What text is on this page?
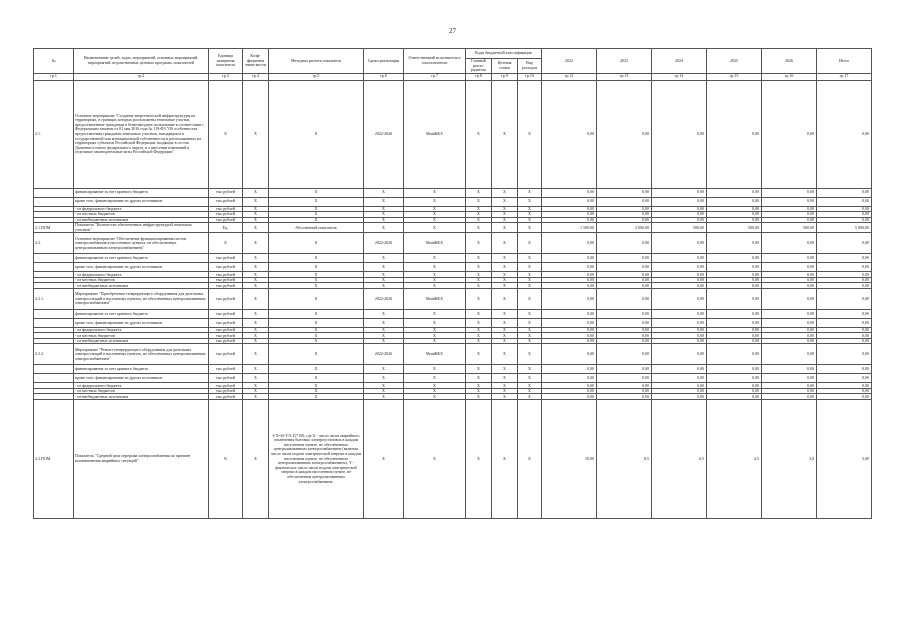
27
№	Наименование целей, задач, мероприятий, основных мероприятий, мероприятий, ведомственных целевых программ, показателей	Единица измерения показателя	Коэф-фициенты значи-мости	Методика расчета показателя	Сроки реализации	Ответственный исполнитель и соисполнители	Коды бюджетной классификации			2022	2023	2024	2025	2026	Итого
							Главный распо-рядитель	Целевая статья	Вид расходов						
гр.1	гр.2	гр.3	гр.4	гр.5	гр.6	гр.7	гр.8	гр.9	гр.10	гр.12	гр.13	гр.14	гр.15	гр.16	гр.17
2.1.	Основное мероприятие "Создание энергетической инфраструктуры на территориях, в границах которых расположены земельные участки, предоставленные гражданам в безвозмездное пользование в соответствии с Федеральным законом от 01 мая 2016 года № 119-ФЗ "Об особенностях предоставления гражданам земельных участков, находящихся в государственной или муниципальной собственности и расположенных на территориях субъектов Российской Федерации, входящих в состав Дальневосточного федерального округа, и о внесении изменений в отдельные законодательные акты Российской Федерации"	X	X	X	2022-2026	МинЖКХ	X	X	X	0,00	0,00	0,00	0,00	0,00	0,00
	финансирование за счет краевого бюджета	тыс.рублей	X	X	X	X	X	X	X	0,00	0,00	0,00	0,00	0,00	0,00
	кроме того, финансирование из других источников:	тыс.рублей	X	X	X	X	X	X	X	0,00	0,00	0,00	0,00	0,00	0,00
	- из федерального бюджета	тыс.рублей	X	X	X	X	X	X	X	0,00	0,00	0,00	0,00	0,00	0,00
	- из местных бюджетов	тыс.рублей	X	X	X	X	X	X	X	0,00	0,00	0,00	0,00	0,00	0,00
	- из внебюджетных источников	тыс.рублей	X	X	X	X	X	X	X	0,00	0,00	0,00	0,00	0,00	0,00
2.1.ПОМ	Показатель "Количество обеспеченных инфраструктурой земельных участков"	Ед.	X	Абсолютный показатель	X	X	X	X	X	1 500,00	2 000,00	500,00	500,00	500,00	5 000,00
2.2.	Основное мероприятие "Обеспечение функционирования систем электроснабжения в населенных пунктах, не обеспеченных централизованным электроснабжением"	X	X	X	2022-2026	МинЖКХ	X	X	X	0,00	0,00	0,00	0,00	0,00	0,00
	финансирование за счет краевого бюджета	тыс.рублей	X	X	X	X	X	X	X	0,00	0,00	0,00	0,00	0,00	0,00
	кроме того, финансирование из других источников:	тыс.рублей	X	X	X	X	X	X	X	0,00	0,00	0,00	0,00	0,00	0,00
	- из федерального бюджета	тыс.рублей	X	X	X	X	X	X	X	0,00	0,00	0,00	0,00	0,00	0,00
	- из местных бюджетов	тыс.рублей	X	X	X	X	X	X	X	0,00	0,00	0,00	0,00	0,00	0,00
	- из внебюджетных источников	тыс.рублей	X	X	X	X	X	X	X	0,00	0,00	0,00	0,00	0,00	0,00
2.2.1.	Мероприятие "Приобретение генерирующего оборудования для дизельных электростанций в населенных пунктах, не обеспеченных централизованным электроснабжением"	тыс.рублей	X	X	2022-2026	МинЖКХ	X	X	X	0,00	0,00	0,00	0,00	0,00	0,00
	финансирование за счет краевого бюджета	тыс.рублей	X	X	X	X	X	X	X	0,00	0,00	0,00	0,00	0,00	0,00
	кроме того, финансирование из других источников:	тыс.рублей	X	X	X	X	X	X	X	0,00	0,00	0,00	0,00	0,00	0,00
	- из федерального бюджета	тыс.рублей	X	X	X	X	X	X	X	0,00	0,00	0,00	0,00	0,00	0,00
	- из местных бюджетов	тыс.рублей	X	X	X	X	X	X	X	0,00	0,00	0,00	0,00	0,00	0,00
	- из внебюджетных источников	тыс.рублей	X	X	X	X	X	X	X	0,00	0,00	0,00	0,00	0,00	0,00
2.2.2.	Мероприятие "Ремонт генерирующего оборудования для дизельных электростанций в населенных пунктах, не обеспеченных централизованным электроснабжением"	тыс.рублей	X	X	2022-2026	МинЖКХ	X	X	X	0,00	0,00	0,00	0,00	0,00	0,00
	финансирование за счет краевого бюджета	тыс.рублей	X	X	X	X	X	X	X	0,00	0,00	0,00	0,00	0,00	0,00
	кроме того, финансирование из других источников:	тыс.рублей	X	X	X	X	X	X	X	0,00	0,00	0,00	0,00	0,00	0,00
	- из федерального бюджета	тыс.рублей	X	X	X	X	X	X	X	0,00	0,00	0,00	0,00	0,00	0,00
	- из местных бюджетов	тыс.рублей	X	X	X	X	X	X	X	0,00	0,00	0,00	0,00	0,00	0,00
	- из внебюджетных источников	тыс.рублей	X	X	X	X	X	X	X	0,00	0,00	0,00	0,00	0,00	0,00
2.2.ПОМ	Показатель "Средний срок перерыва электроснабжения по причине возникновения аварийных ситуаций"	%	X	S X=(S Y/S Z)*100, где X - число часов аварийного отключения бытовых электроустановок в каждом населенном пункте, не обеспеченном централизованным электроснабжением (включая число часов подачи электрической энергии в каждом населенном пункте, не обеспеченном централизованным электроснабжением), Y - фактическое число часов подачи электрической энергии в каждом населенном пункте, не обеспеченном централизованным электроснабжением.	X	X	X	X	X	10,00	8,5	6,5	4,5	3,0	3,00
